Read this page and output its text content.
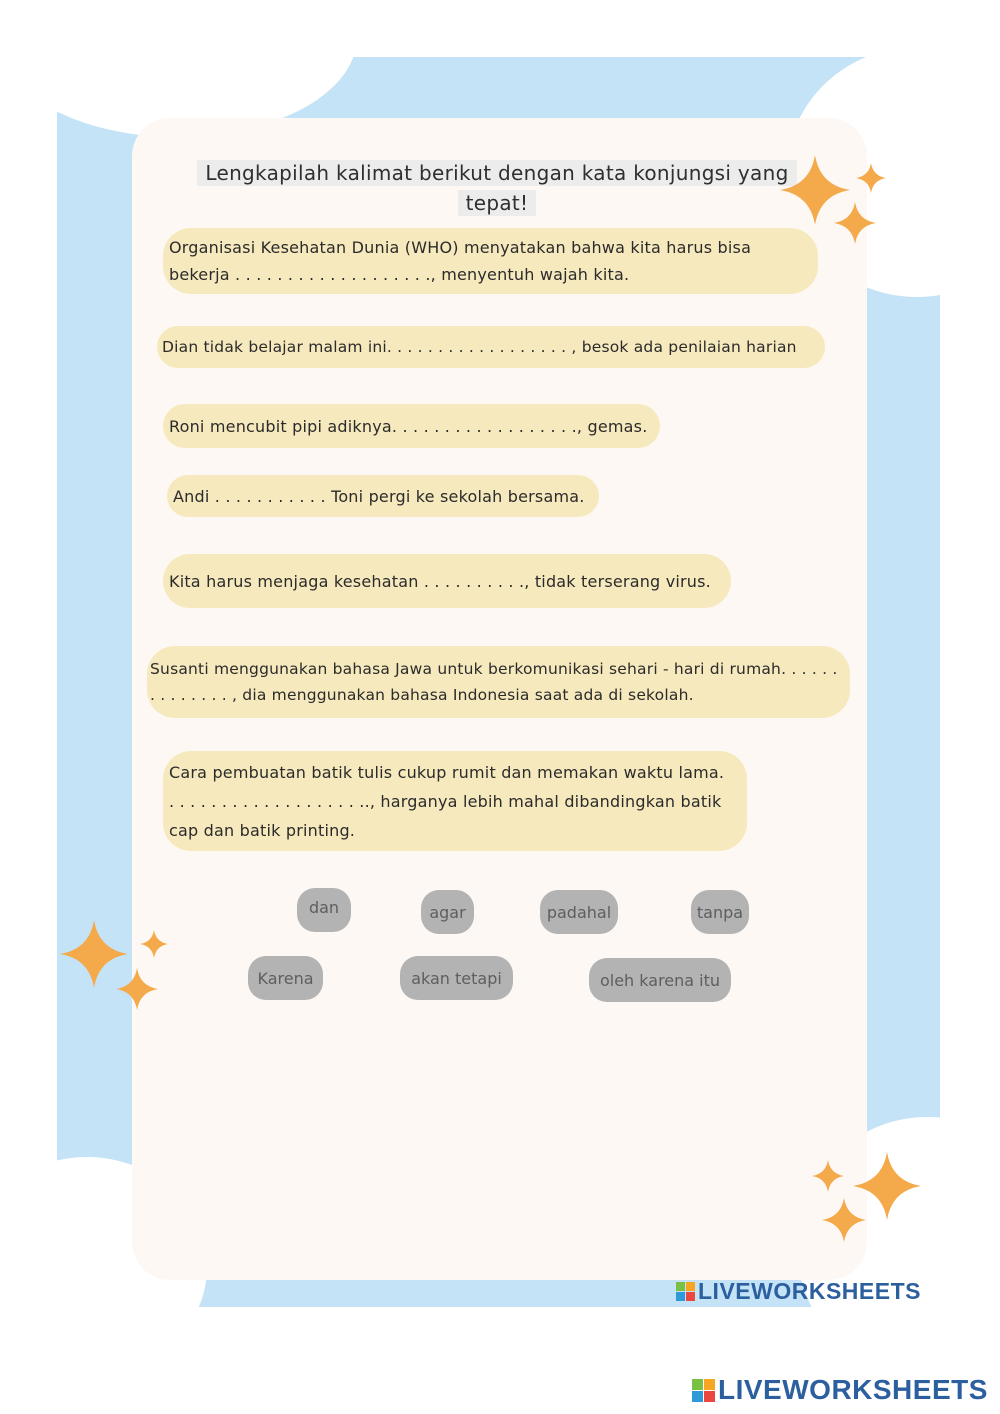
Lengkapilah kalimat berikut dengan kata konjungsi yang tepat!
Organisasi Kesehatan Dunia (WHO) menyatakan bahwa kita harus bisa bekerja . . . . . . . . . . . . . . . . . . ., menyentuh wajah kita.
Dian tidak belajar malam ini. . . . . . . . . . . . . . . . . . , besok ada penilaian harian
Roni mencubit pipi adiknya. . . . . . . . . . . . . . . . . ., gemas.
Andi . . . . . . . . . . . Toni pergi ke sekolah bersama.
Kita harus menjaga kesehatan . . . . . . . . . ., tidak terserang virus.
Susanti menggunakan bahasa Jawa untuk berkomunikasi sehari - hari di rumah. . . . . . . . . . . . . . , dia menggunakan bahasa Indonesia saat ada di sekolah.
Cara pembuatan batik tulis cukup rumit dan memakan waktu lama. . . . . . . . . . . . . . . . . . . .., harganya lebih mahal dibandingkan batik cap dan batik printing.
dan	agar	padahal	tanpa
Karena	akan tetapi	oleh karena itu
LIVEWORKSHEETS
LIVEWORKSHEETS
